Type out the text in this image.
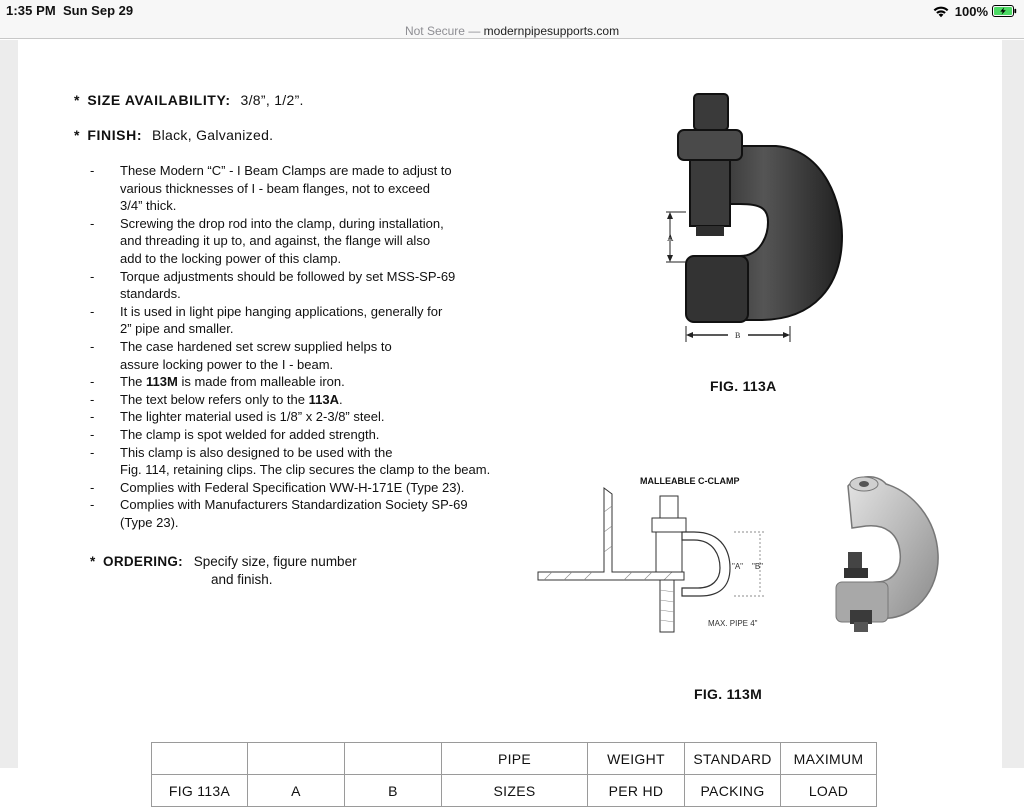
1:35 PM Sun Sep 29	100%
Not Secure — modernpipesupports.com
* SIZE AVAILABILITY: 3/8”, 1/2”.
* FINISH: Black, Galvanized.
-	These Modern “C” - I Beam Clamps are made to adjust to
various thicknesses of I - beam flanges, not to exceed
3/4” thick.
-	Screwing the drop rod into the clamp, during installation,
and threading it up to, and against, the flange will also
add to the locking power of this clamp.
-	Torque adjustments should be followed by set MSS-SP-69
standards.
-	It is used in light pipe hanging applications, generally for
2” pipe and smaller.
-	The case hardened set screw supplied helps to
assure locking power to the I - beam.
-	The 113M is made from malleable iron.
-	The text below refers only to the 113A.
-	The lighter material used is 1/8” x 2-3/8” steel.
-	The clamp is spot welded for added strength.
-	This clamp is also designed to be used with the
Fig. 114, retaining clips. The clip secures the clamp to the beam.
-	Complies with Federal Specification WW-H-171E (Type 23).
-	Complies with Manufacturers Standardization Society SP-69
(Type 23).
* ORDERING: Specify size, figure number
and finish.
A
B
FIG. 113A
MALLEABLE C-CLAMP
"A" "B"
MAX. PIPE 4"
FIG. 113M
			PIPE	WEIGHT	STANDARD	MAXIMUM
FIG 113A	A	B	SIZES	PER HD	PACKING	LOAD
